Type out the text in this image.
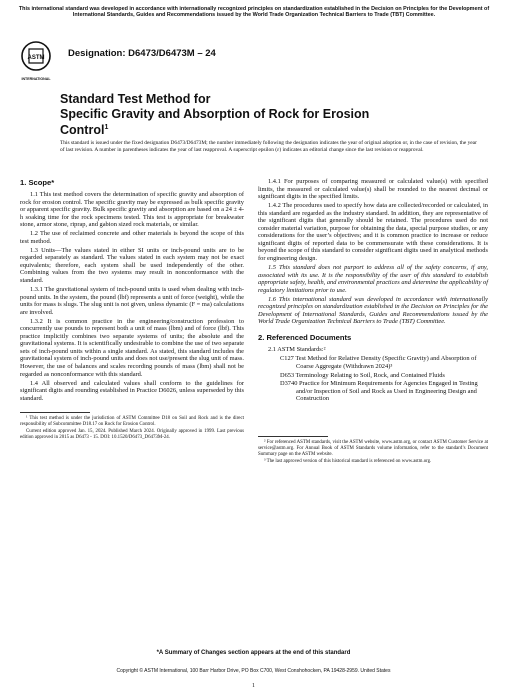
This international standard was developed in accordance with internationally recognized principles on standardization established in the Decision on Principles for the Development of International Standards, Guides and Recommendations issued by the World Trade Organization Technical Barriers to Trade (TBT) Committee.
ASTM
INTERNATIONAL
Designation: D6473/D6473M – 24
Standard Test Method for
Specific Gravity and Absorption of Rock for Erosion
Control$^1$
This standard is issued under the fixed designation D6473/D6473M; the number immediately following the designation indicates the year of original adoption or, in the case of revision, the year of last revision. A number in parentheses indicates the year of last reapproval. A superscript epsilon (ε) indicates an editorial change since the last revision or reapproval.
1. Scope*

1.1 This test method covers the determination of specific gravity and absorption of rock for erosion control. The specific gravity may be expressed as bulk specific gravity or apparent specific gravity. Bulk specific gravity and absorption are based on a 24 ± 4-h soaking time for the rock specimens tested. This test is appropriate for breakwater stone, armor stone, riprap, and gabion sized rock materials, or similar.

1.2 The use of reclaimed concrete and other materials is beyond the scope of this test method.

1.3 Units—The values stated in either SI units or inch-pound units are to be regarded separately as standard. The values stated in each system may not be exact equivalents; therefore, each system shall be used independently of the other. Combining values from the two systems may result in nonconformance with the standard.

1.3.1 The gravitational system of inch-pound units is used when dealing with inch-pound units. In the system, the pound (lbf) represents a unit of force (weight), while the units for mass is slugs. The slug unit is not given, unless dynamic (F = ma) calculations are involved.

1.3.2 It is common practice in the engineering/construction profession to concurrently use pounds to represent both a unit of mass (lbm) and of force (lbf). This practice implicitly combines two separate systems of units; the absolute and the gravitational systems. It is scientifically undesirable to combine the use of two separate sets of inch-pound units within a single standard. As stated, this standard includes the gravitational system of inch-pound units and does not use/present the slug unit of mass. However, the use of balances and scales recording pounds of mass (lbm) shall not be regarded as nonconformance with this standard.

1.4 All observed and calculated values shall conform to the guidelines for significant digits and rounding established in Practice D6026, unless superseded by this standard.

¹ This test method is under the jurisdiction of ASTM Committee D18 on Soil and Rock and is the direct responsibility of Subcommittee D18.17 on Rock for Erosion Control.

Current edition approved Jan. 15, 2024. Published March 2024. Originally approved in 1999. Last previous edition approved in 2015 as D6473 - 15. DOI: 10.1520/D6473_D6473M-24.

1.4.1 For purposes of comparing measured or calculated value(s) with specified limits, the measured or calculated value(s) shall be rounded to the nearest decimal or significant digits in the specified limits.

1.4.2 The procedures used to specify how data are collected/recorded or calculated, in this standard are regarded as the industry standard. In addition, they are representative of the significant digits that generally should be retained. The procedures used do not consider material variation, purpose for obtaining the data, special purpose studies, or any considerations for the user’s objectives; and it is common practice to increase or reduce significant digits of reported data to be commensurate with these considerations. It is beyond the scope of this standard to consider significant digits used in analytical methods for engineering design.

1.5 This standard does not purport to address all of the safety concerns, if any, associated with its use. It is the responsibility of the user of this standard to establish appropriate safety, health, and environmental practices and determine the applicability of regulatory limitations prior to use.

1.6 This international standard was developed in accordance with internationally recognized principles on standardization established in the Decision on Principles for the Development of International Standards, Guides and Recommendations issued by the World Trade Organization Technical Barriers to Trade (TBT) Committee.

2. Referenced Documents

2.1 ASTM Standards:²

C127 Test Method for Relative Density (Specific Gravity) and Absorption of Coarse Aggregate (Withdrawn 2024)³

D653 Terminology Relating to Soil, Rock, and Contained Fluids

D3740 Practice for Minimum Requirements for Agencies Engaged in Testing and/or Inspection of Soil and Rock as Used in Engineering Design and Construction

² For referenced ASTM standards, visit the ASTM website, www.astm.org, or contact ASTM Customer Service at service@astm.org. For Annual Book of ASTM Standards volume information, refer to the standard’s Document Summary page on the ASTM website.

³ The last approved version of this historical standard is referenced on www.astm.org.

*A Summary of Changes section appears at the end of this standard
Copyright © ASTM International, 100 Barr Harbor Drive, PO Box C700, West Conshohocken, PA 19428-2959. United States
1
